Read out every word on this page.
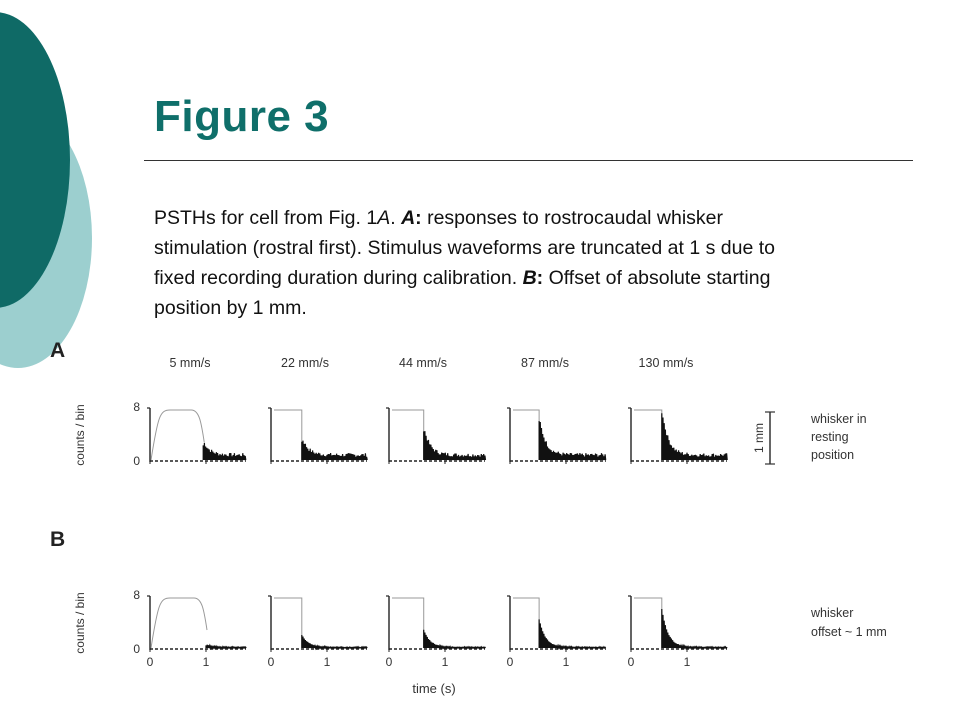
Figure 3
PSTHs for cell from Fig. 1A. A: responses to rostrocaudal whisker stimulation (rostral first). Stimulus waveforms are truncated at 1 s due to fixed recording duration during calibration. B: Offset of absolute starting position by 1 mm.
A
B
5 mm/s	22 mm/s	44 mm/s	87 mm/s	130 mm/s
counts / bin
counts / bin
8
0
8
0
1 mm
whisker in
resting
position
whisker
offset ~ 1 mm
0	1	0	1	0	1	0	1	0	1
time (s)
